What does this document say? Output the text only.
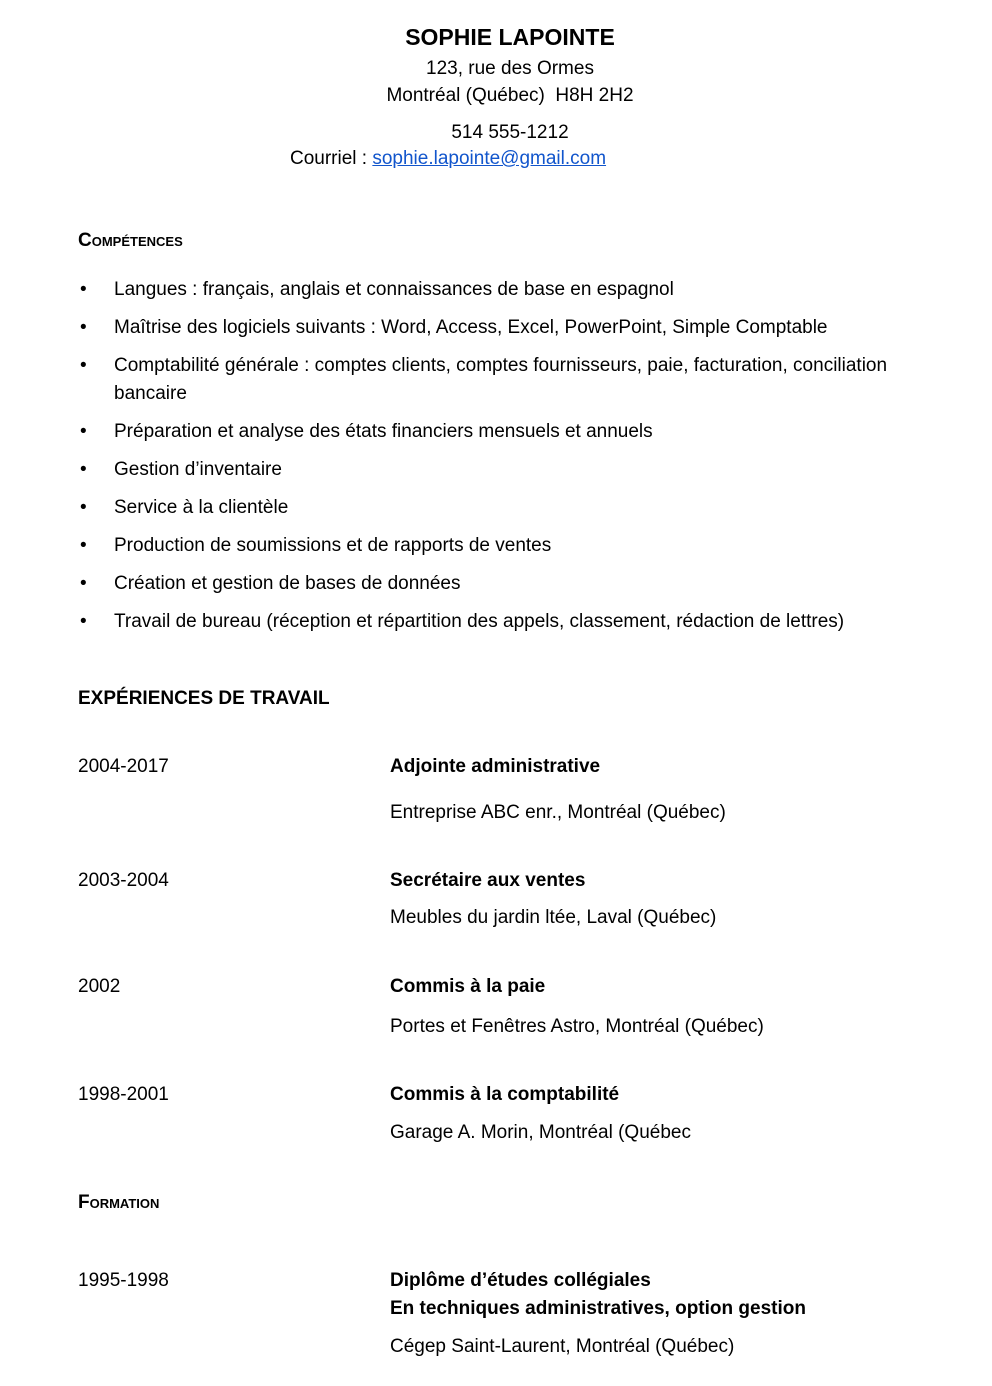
SOPHIE LAPOINTE
123, rue des Ormes
Montréal (Québec)  H8H 2H2
514 555-1212
Courriel : sophie.lapointe@gmail.com
Compétences
• Langues : français, anglais et connaissances de base en espagnol
• Maîtrise des logiciels suivants : Word, Access, Excel, PowerPoint, Simple Comptable
• Comptabilité générale : comptes clients, comptes fournisseurs, paie, facturation, conciliation bancaire
• Préparation et analyse des états financiers mensuels et annuels
• Gestion d’inventaire
• Service à la clientèle
• Production de soumissions et de rapports de ventes
• Création et gestion de bases de données
• Travail de bureau (réception et répartition des appels, classement, rédaction de lettres)
EXPÉRIENCES DE TRAVAIL
2004-2017	Adjointe administrative
Entreprise ABC enr., Montréal (Québec)
2003-2004	Secrétaire aux ventes
Meubles du jardin ltée, Laval (Québec)
2002	Commis à la paie
Portes et Fenêtres Astro, Montréal (Québec)
1998-2001	Commis à la comptabilité
Garage A. Morin, Montréal (Québec
Formation
1995-1998	Diplôme d’études collégiales
En techniques administratives, option gestion
Cégep Saint-Laurent, Montréal (Québec)
